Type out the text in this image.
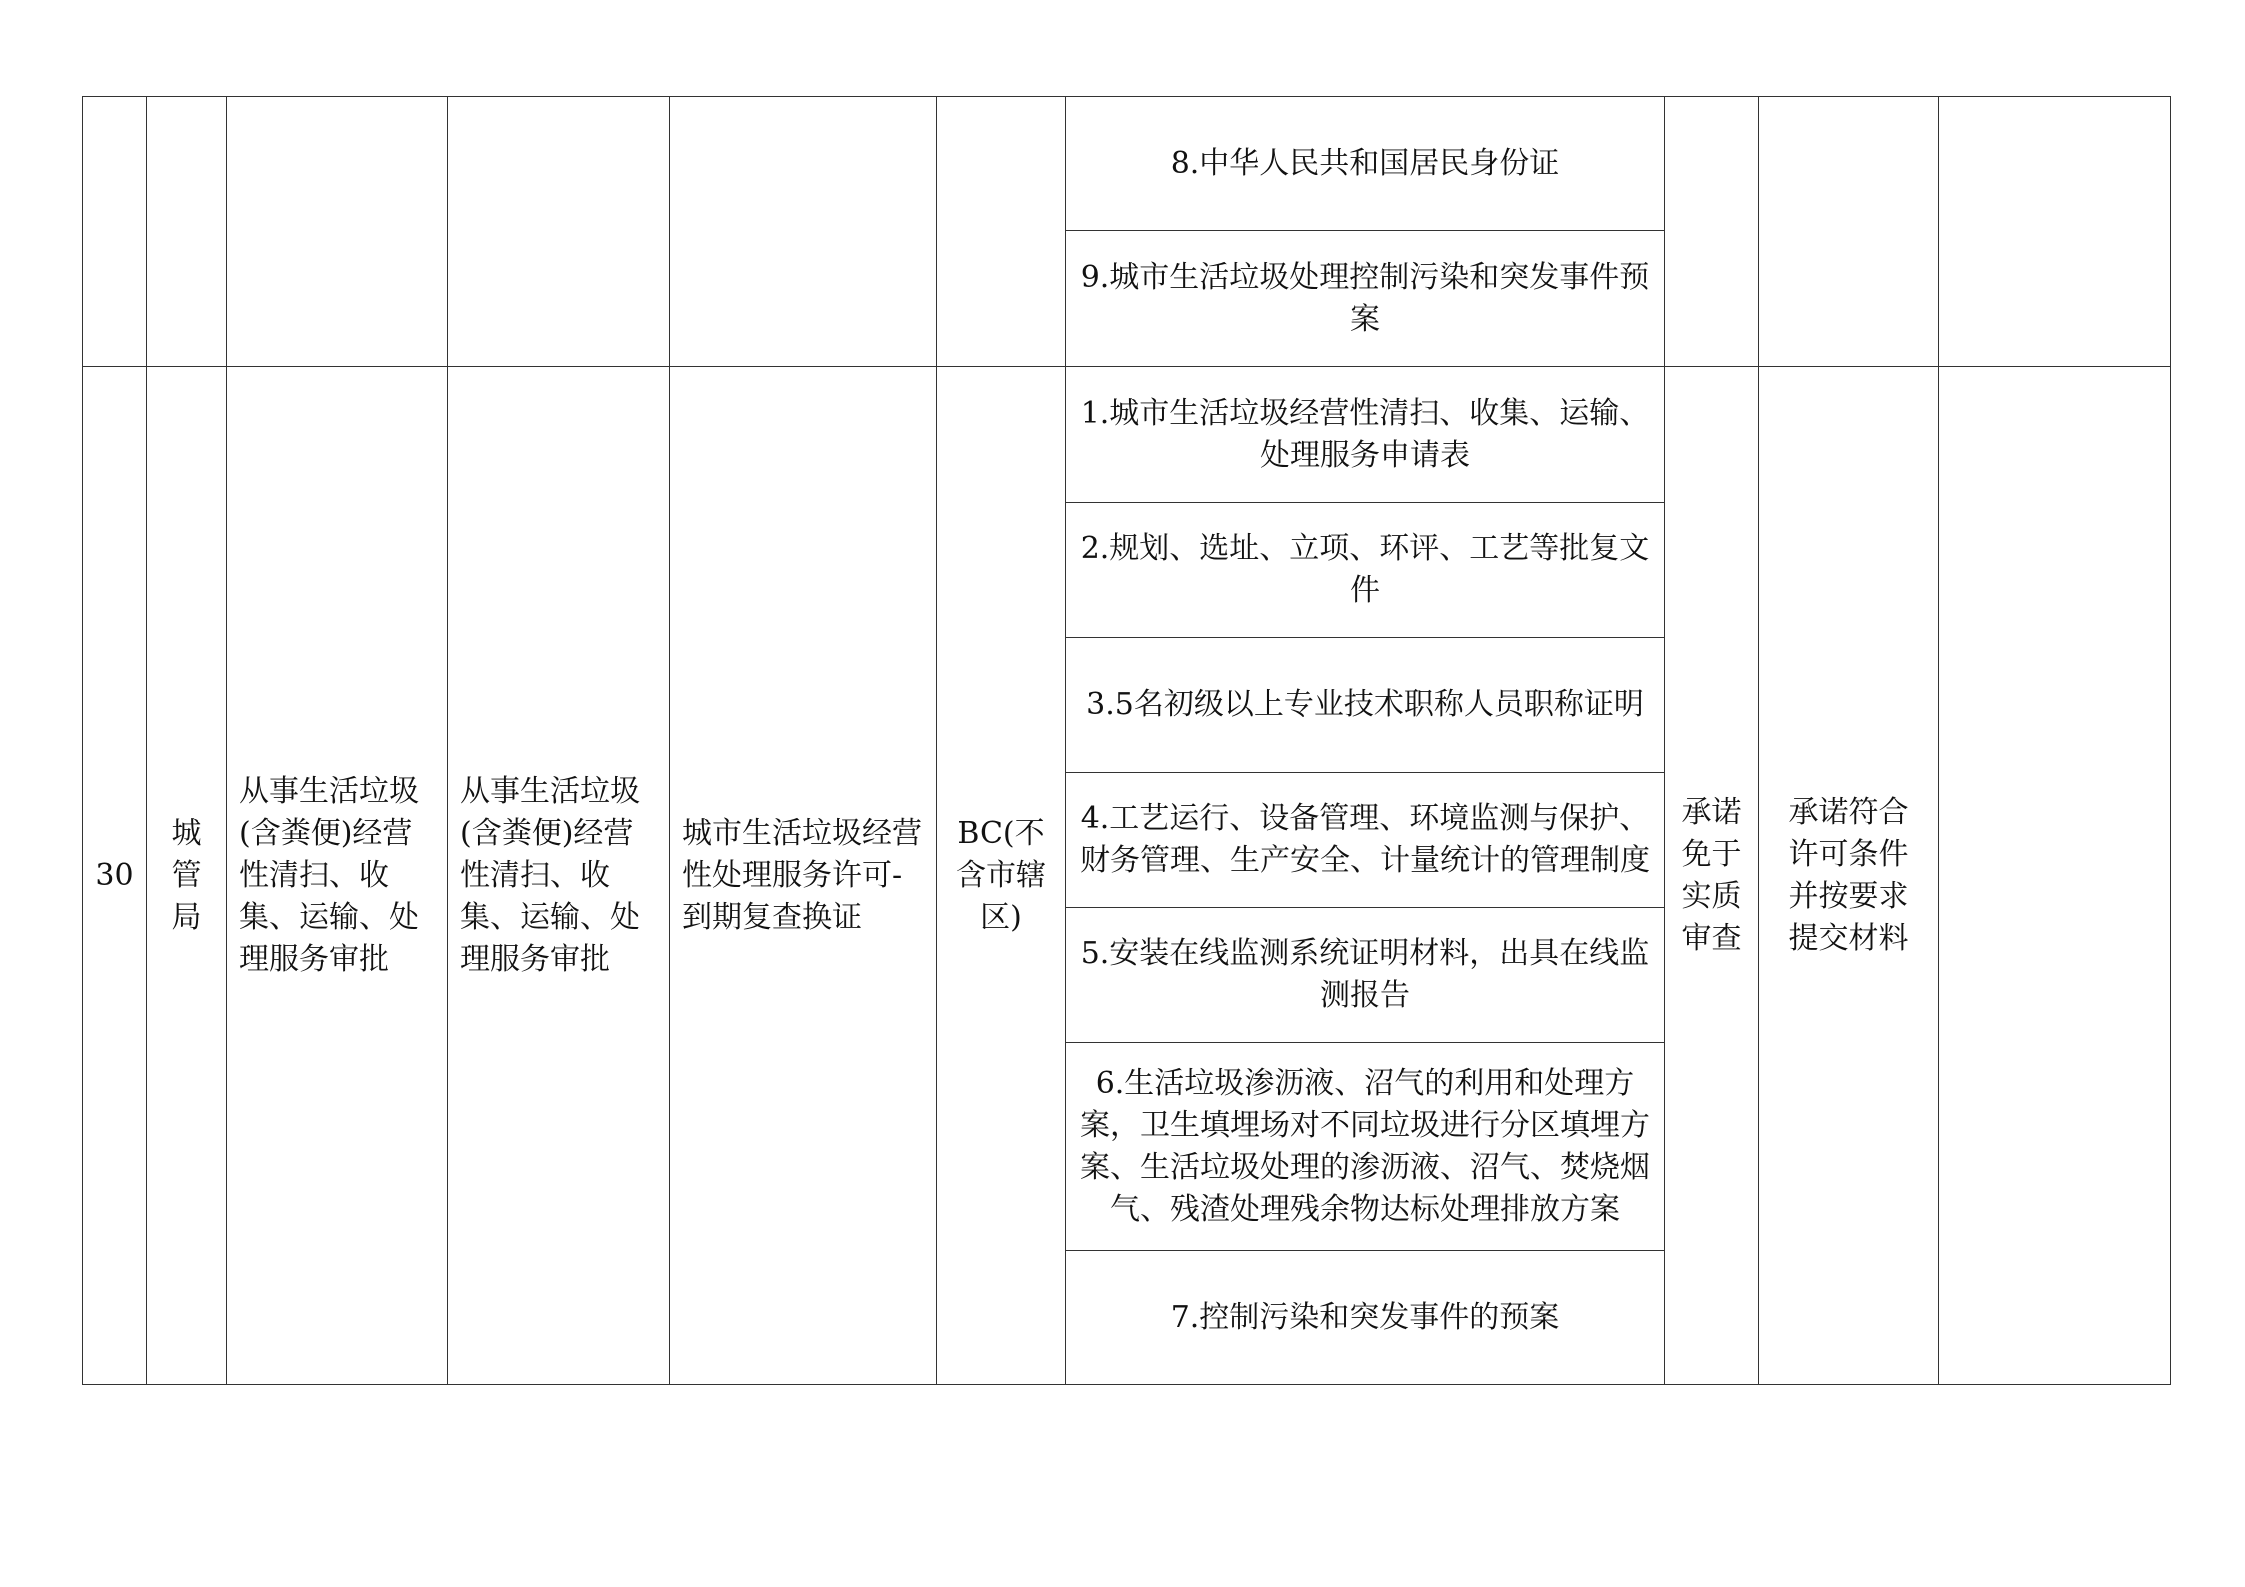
						8.中华人民共和国居民身份证			
						9.城市生活垃圾处理控制污染和突发事件预案			
30	城管局	从事生活垃圾(含粪便)经营性清扫、收集、运输、处理服务审批	从事生活垃圾(含粪便)经营性清扫、收集、运输、处理服务审批	城市生活垃圾经营性处理服务许可-到期复查换证	BC(不含市辖区)	1.城市生活垃圾经营性清扫、收集、运输、处理服务申请表	承诺免于实质审查	承诺符合许可条件并按要求提交材料	
						2.规划、选址、立项、环评、工艺等批复文件			
						3.5名初级以上专业技术职称人员职称证明			
						4.工艺运行、设备管理、环境监测与保护、财务管理、生产安全、计量统计的管理制度			
						5.安装在线监测系统证明材料，出具在线监测报告			
						6.生活垃圾渗沥液、沼气的利用和处理方案，卫生填埋场对不同垃圾进行分区填埋方案、生活垃圾处理的渗沥液、沼气、焚烧烟气、残渣处理残余物达标处理排放方案			
						7.控制污染和突发事件的预案			
